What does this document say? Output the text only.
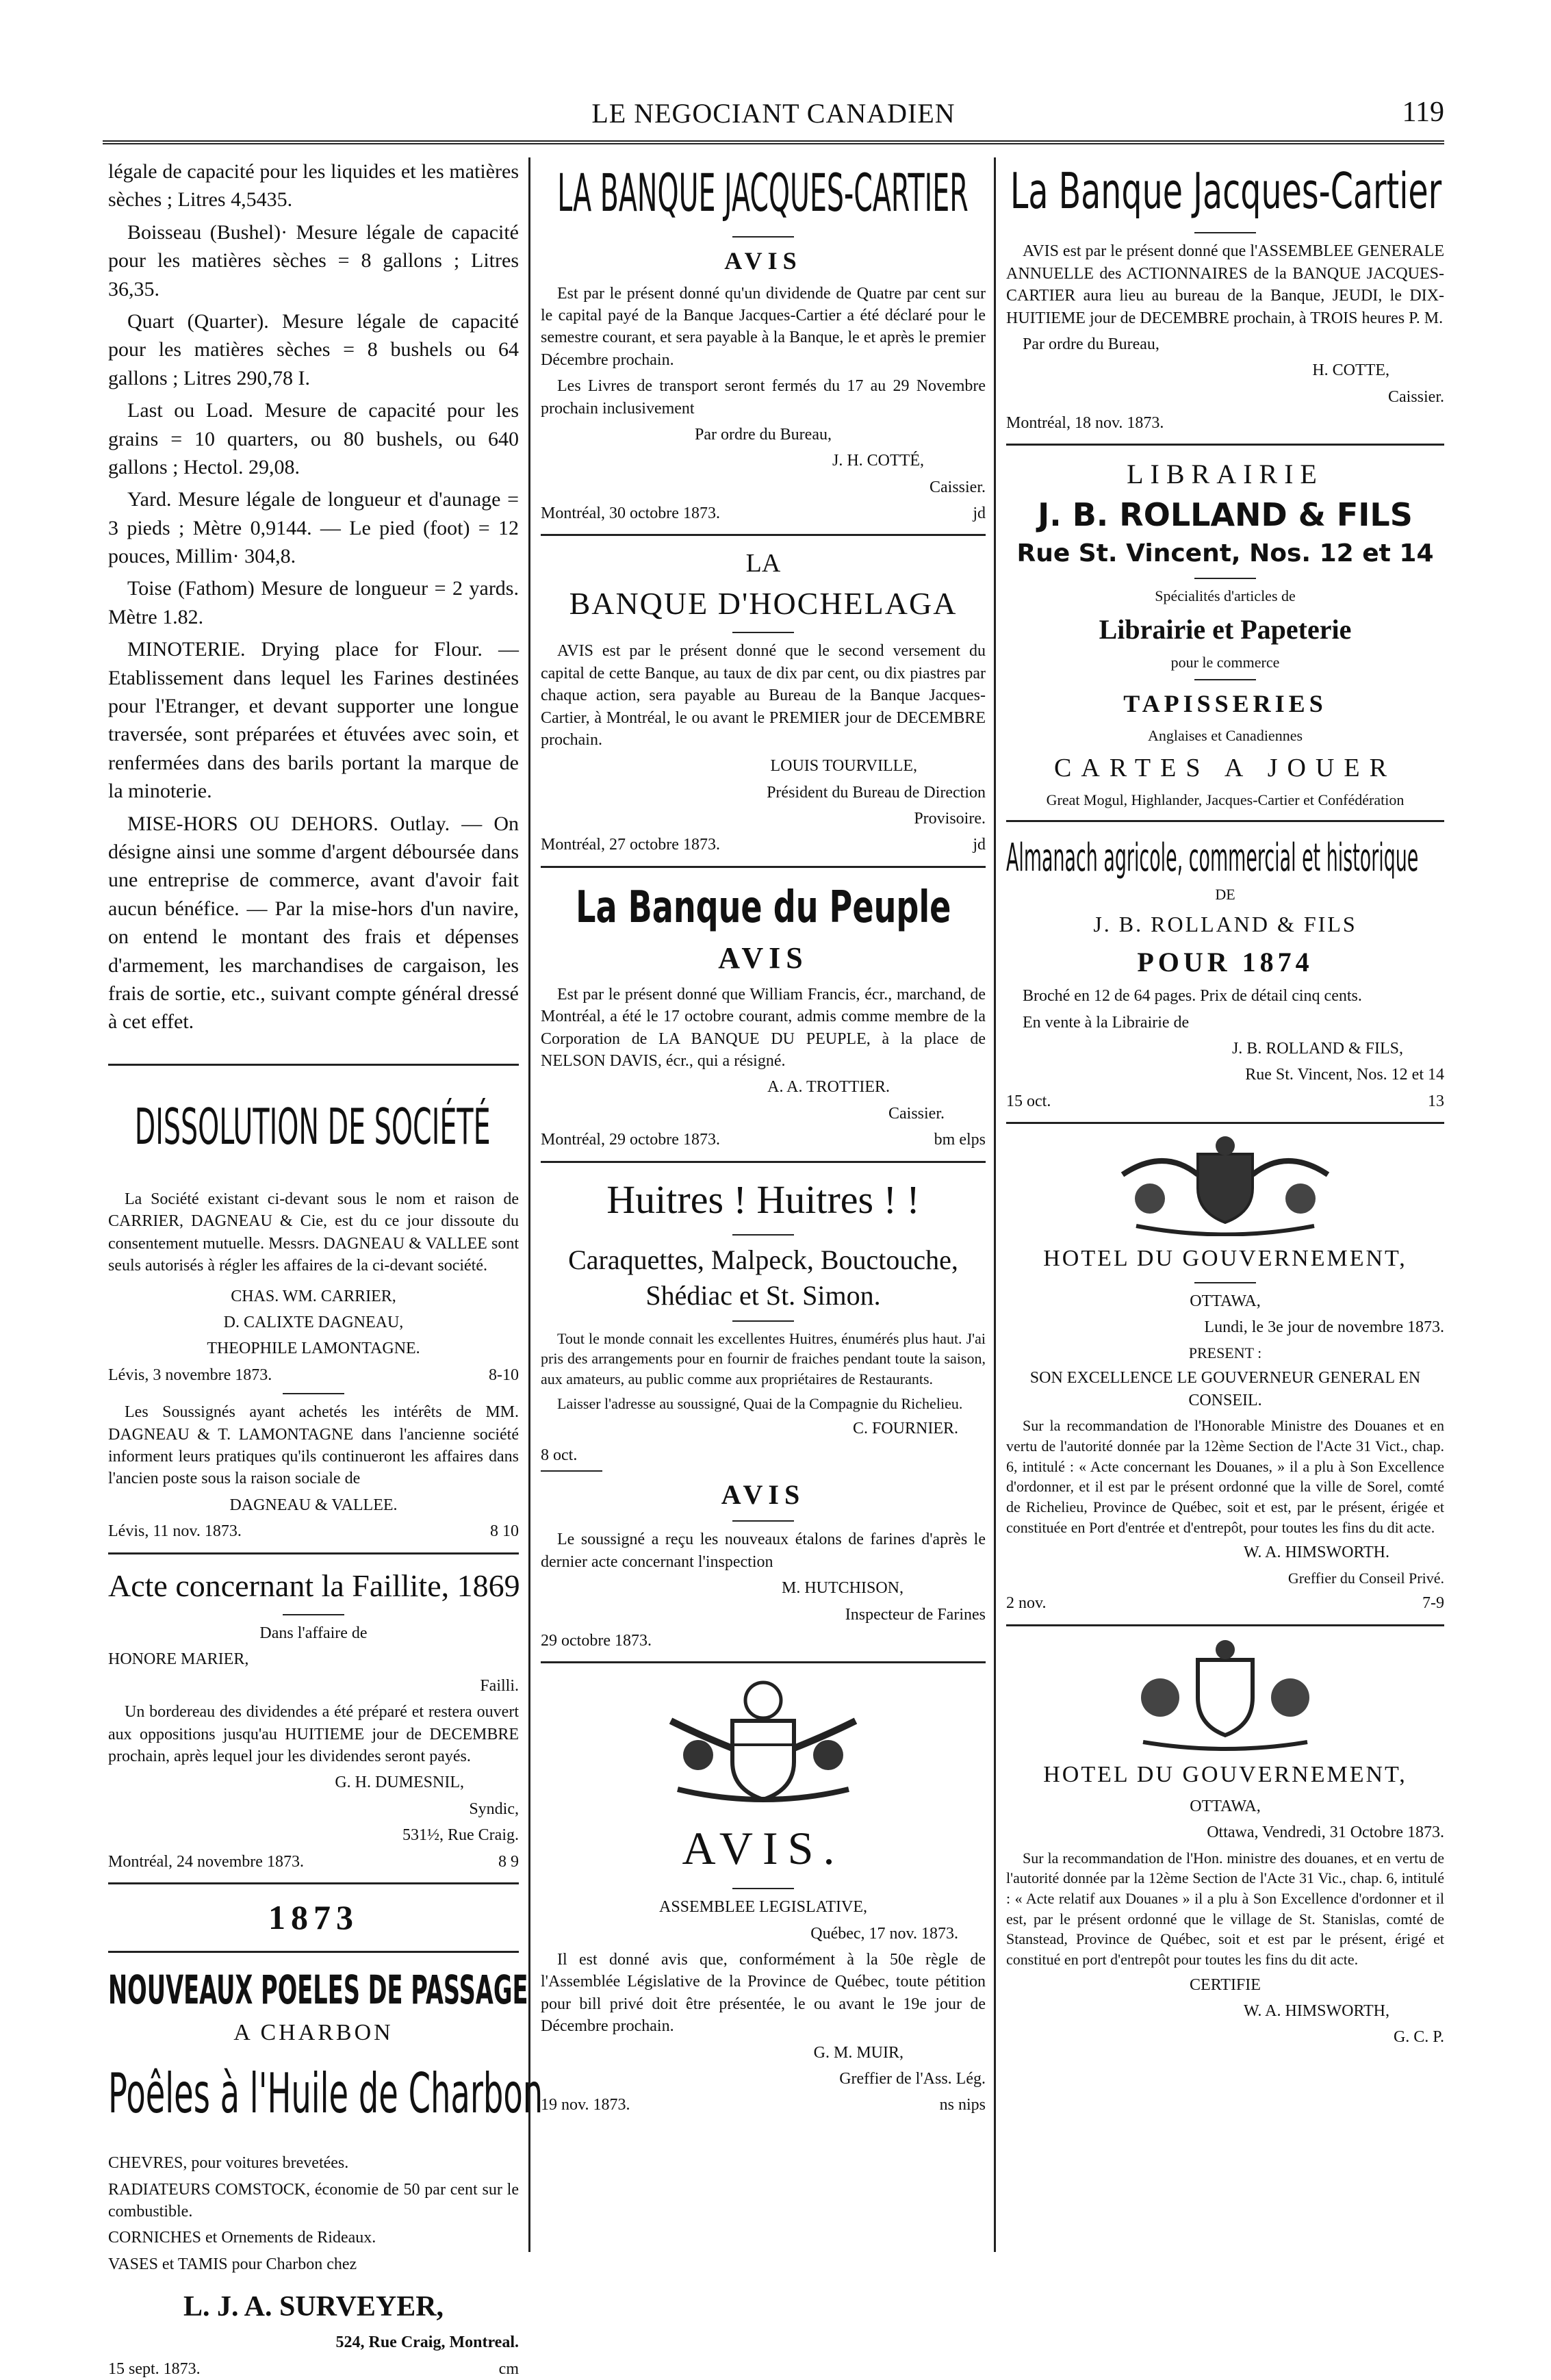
LE NEGOCIANT CANADIEN	119

légale de capacité pour les liquides et les matières sèches ; Litres 4,5435.

Boisseau (Bushel)· Mesure légale de capacité pour les matières sèches = 8 gallons ; Litres 36,35.

Quart (Quarter). Mesure légale de capacité pour les matières sèches = 8 bushels ou 64 gallons ; Litres 290,78 I.

Last ou Load. Mesure de capacité pour les grains = 10 quarters, ou 80 bushels, ou 640 gallons ; Hectol. 29,08.

Yard. Mesure légale de longueur et d'aunage = 3 pieds ; Mètre 0,9144. — Le pied (foot) = 12 pouces, Millim· 304,8.

Toise (Fathom) Mesure de longueur = 2 yards. Mètre 1.82.

MINOTERIE. Drying place for Flour. — Etablissement dans lequel les Farines destinées pour l'Etranger, et devant supporter une longue traversée, sont préparées et étuvées avec soin, et renfermées dans des barils portant la marque de la minoterie.

MISE-HORS OU DEHORS. Outlay. — On désigne ainsi une somme d'argent déboursée dans une entreprise de commerce, avant d'avoir fait aucun bénéfice. — Par la mise-hors d'un navire, on entend le montant des frais et dépenses d'armement, les marchandises de cargaison, les frais de sortie, etc., suivant compte général dressé à cet effet.

DISSOLUTION DE SOCIÉTÉ

La Société existant ci-devant sous le nom et raison de CARRIER, DAGNEAU & Cie, est du ce jour dissoute du consentement mutuelle. Messrs. DAGNEAU & VALLEE sont seuls autorisés à régler les affaires de la ci-devant société.

CHAS. WM. CARRIER,

D. CALIXTE DAGNEAU,

THEOPHILE LAMONTAGNE.

Lévis, 3 novembre 1873.	8-10

Les Soussignés ayant achetés les intérêts de MM. DAGNEAU & T. LAMONTAGNE dans l'ancienne société informent leurs pratiques qu'ils continueront les affaires dans l'ancien poste sous la raison sociale de

DAGNEAU & VALLEE.

Lévis, 11 nov. 1873.	8 10
Acte concernant la Faillite, 1869

Dans l'affaire de

HONORE MARIER,

Failli.

Un bordereau des dividendes a été préparé et restera ouvert aux oppositions jusqu'au HUITIEME jour de DECEMBRE prochain, après lequel jour les dividendes seront payés.

G. H. DUMESNIL,

Syndic,

531½, Rue Craig.

Montréal, 24 novembre 1873.	8 9
1873
NOUVEAUX POELES DE PASSAGE

A CHARBON

Poêles à l'Huile de Charbon

CHEVRES, pour voitures brevetées.

RADIATEURS COMSTOCK, économie de 50 par cent sur le combustible.

CORNICHES et Ornements de Rideaux.

VASES et TAMIS pour Charbon chez

L. J. A. SURVEYER,

524, Rue Craig, Montreal.

15 sept. 1873.	cm
LA BANQUE JACQUES-CARTIER

AVIS

Est par le présent donné qu'un dividende de Quatre par cent sur le capital payé de la Banque Jacques-Cartier a été déclaré pour le semestre courant, et sera payable à la Banque, le et après le premier Décembre prochain.

Les Livres de transport seront fermés du 17 au 29 Novembre prochain inclusivement

Par ordre du Bureau,

J. H. COTTÉ,

Caissier.

Montréal, 30 octobre 1873.	jd

LA

BANQUE D'HOCHELAGA

AVIS est par le présent donné que le second versement du capital de cette Banque, au taux de dix par cent, ou dix piastres par chaque action, sera payable au Bureau de la Banque Jacques-Cartier, à Montréal, le ou avant le PREMIER jour de DECEMBRE prochain.

LOUIS TOURVILLE,

Président du Bureau de Direction

Provisoire.

Montréal, 27 octobre 1873.	jd
La Banque du Peuple

AVIS

Est par le présent donné que William Francis, écr., marchand, de Montréal, a été le 17 octobre courant, admis comme membre de la Corporation de LA BANQUE DU PEUPLE, à la place de NELSON DAVIS, écr., qui a résigné.

A. A. TROTTIER.

Caissier.

Montréal, 29 octobre 1873.	bm elps

Huitres ! Huitres ! !

Caraquettes, Malpeck, Bouctouche, Shédiac et St. Simon.

Tout le monde connait les excellentes Huitres, énumérés plus haut. J'ai pris des arrangements pour en fournir de fraiches pendant toute la saison, aux amateurs, au public comme aux propriétaires de Restaurants.

Laisser l'adresse au soussigné, Quai de la Compagnie du Richelieu.

C. FOURNIER.

8 oct.

AVIS

Le soussigné a reçu les nouveaux étalons de farines d'après le dernier acte concernant l'inspection

M. HUTCHISON,

Inspecteur de Farines

29 octobre 1873.

AVIS.

ASSEMBLEE LEGISLATIVE,

Québec, 17 nov. 1873.

Il est donné avis que, conformément à la 50e règle de l'Assemblée Législative de la Province de Québec, toute pétition pour bill privé doit être présentée, le ou avant le 19e jour de Décembre prochain.

G. M. MUIR,

Greffier de l'Ass. Lég.

19 nov. 1873.	ns nips
La Banque Jacques-Cartier

AVIS est par le présent donné que l'ASSEMBLEE GENERALE ANNUELLE des ACTIONNAIRES de la BANQUE JACQUES-CARTIER aura lieu au bureau de la Banque, JEUDI, le DIX-HUITIEME jour de DECEMBRE prochain, à TROIS heures P. M.

Par ordre du Bureau,

H. COTTE,

Caissier.

Montréal, 18 nov. 1873.

LIBRAIRIE

J. B. ROLLAND & FILS

Rue St. Vincent, Nos. 12 et 14

Spécialités d'articles de

Librairie et Papeterie

pour le commerce

TAPISSERIES

Anglaises et Canadiennes

CARTES A JOUER

Great Mogul, Highlander, Jacques-Cartier et Confédération

Almanach agricole, commercial et historique

DE

J. B. ROLLAND & FILS

POUR 1874

Broché en 12 de 64 pages. Prix de détail cinq cents.

En vente à la Librairie de

J. B. ROLLAND & FILS,

Rue St. Vincent, Nos. 12 et 14

15 oct.	13

HOTEL DU GOUVERNEMENT,

OTTAWA,

Lundi, le 3e jour de novembre 1873.

PRESENT :

SON EXCELLENCE LE GOUVERNEUR GENERAL EN CONSEIL.

Sur la recommandation de l'Honorable Ministre des Douanes et en vertu de l'autorité donnée par la 12ème Section de l'Acte 31 Vict., chap. 6, intitulé : « Acte concernant les Douanes, » il a plu à Son Excellence d'ordonner, et il est par le présent ordonné que la ville de Sorel, comté de Richelieu, Province de Québec, soit et est, par le présent, érigée et constituée en Port d'entrée et d'entrepôt, pour toutes les fins du dit acte.

W. A. HIMSWORTH.

Greffier du Conseil Privé.

2 nov.	7-9

HOTEL DU GOUVERNEMENT,

OTTAWA,

Ottawa, Vendredi, 31 Octobre 1873.

Sur la recommandation de l'Hon. ministre des douanes, et en vertu de l'autorité donnée par la 12ème Section de l'Acte 31 Vic., chap. 6, intitulé : « Acte relatif aux Douanes » il a plu à Son Excellence d'ordonner et il est, par le présent ordonné que le village de St. Stanislas, comté de Stanstead, Province de Québec, soit et est par le présent, érigé et constitué en port d'entrepôt pour toutes les fins du dit acte.

CERTIFIE

W. A. HIMSWORTH,

G. C. P.
